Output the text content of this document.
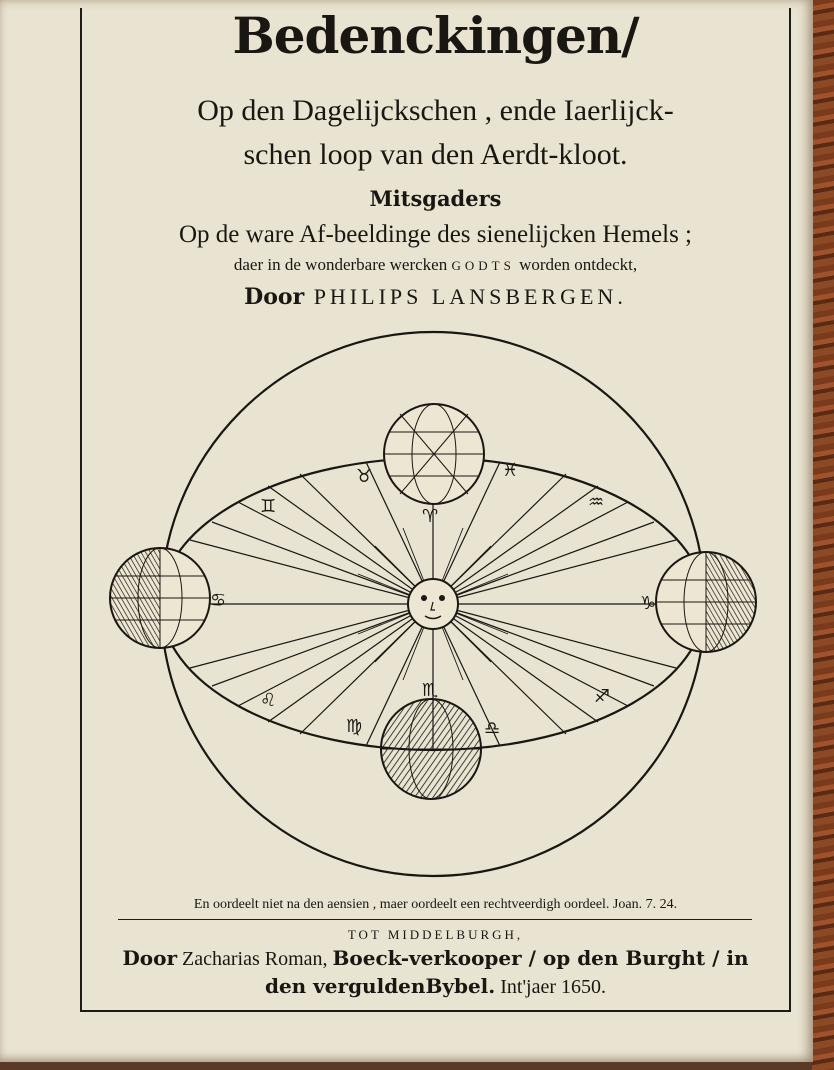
Bedenckingen/
Op den Dagelijckschen , ende Iaerlijck-
schen loop van den Aerdt-kloot.
Mitsgaders
Op de ware Af-beeldinge des sienelijcken Hemels ;
daer in de wonderbare wercken GODTS worden ontdeckt,
Door PHILIPS LANSBERGEN.
♉	♓
♊	♒
♋	♑
♌	♐
♍	♎
♈
♏
En oordeelt niet na den aensien , maer oordeelt een rechtveerdigh oordeel. Joan. 7. 24.
TOT MIDDELBURGH,
Door Zacharias Roman, Boeck-verkooper / op den Burght / in
den verguldenBybel. Int'jaer 1650.
